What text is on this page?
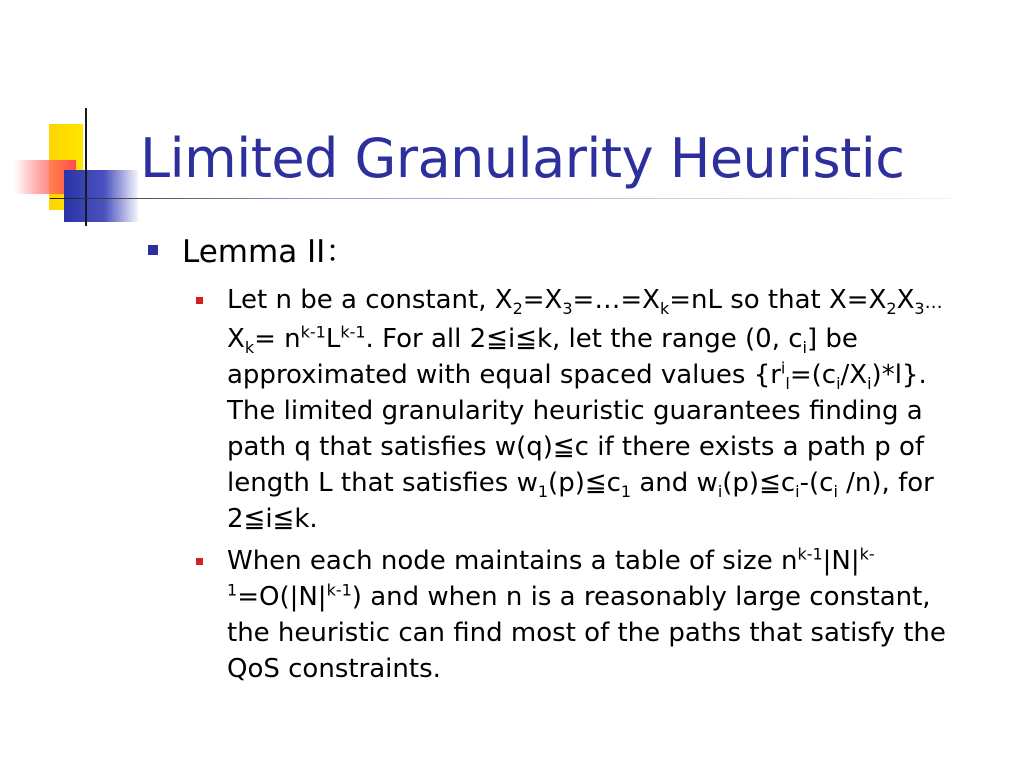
Limited Granularity Heuristic
Lemma II：
Let n be a constant, $X_2=X_3=\dots=X_k=nL$ so that $X=X_2X_3\dots X_k= n^{k-1}L^{k-1}$. For all 2≦i≦k, let the range (0, $c_i$] be approximated with equal spaced values $\{r^i_l=(c_i/X_i)*l\}$. The limited granularity heuristic guarantees finding a path q that satisfies w(q)≦c if there exists a path p of length L that satisfies $w_1(p)≦c_1$ and $w_i(p)≦c_i-(c_i$ /n), for 2≦i≦k.
When each node maintains a table of size $n^{k-1}|N|^{k-1}=O(|N|^{k-1})$ and when n is a reasonably large constant, the heuristic can find most of the paths that satisfy the QoS constraints.
